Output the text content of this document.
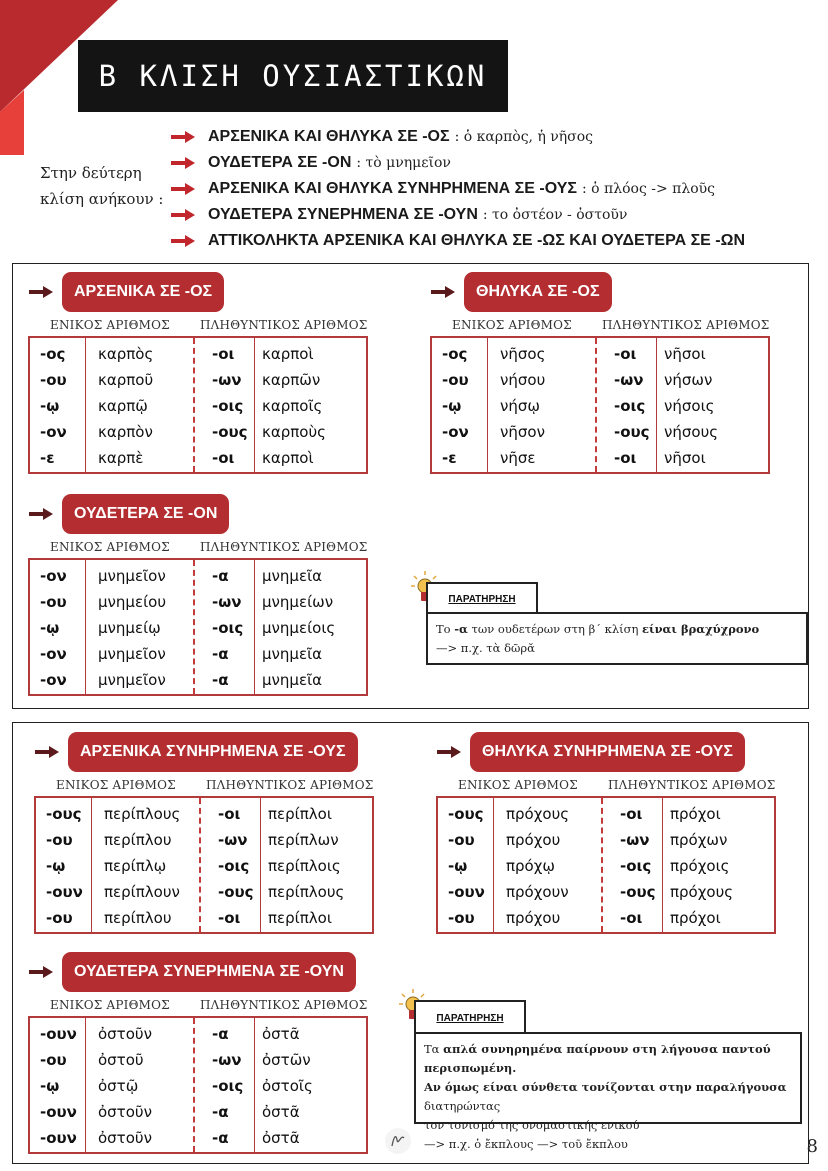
Β ΚΛΙΣΗ ΟΥΣΙΑΣΤΙΚΩΝ
Στην δεύτερη κλίση ανήκουν :
ΑΡΣΕΝΙΚΑ ΚΑΙ ΘΗΛΥΚΑ ΣΕ -ΟΣ : ὁ καρπὸς, ἡ νῆσος
ΟΥΔΕΤΕΡΑ ΣΕ -ΟΝ : τὸ μνημεῖον
ΑΡΣΕΝΙΚΑ ΚΑΙ ΘΗΛΥΚΑ ΣΥΝΗΡΗΜΕΝΑ ΣΕ -ΟΥΣ : ὁ πλόος -> πλοῦς
ΟΥΔΕΤΕΡΑ ΣΥΝΕΡΗΜΕΝΑ ΣΕ -ΟΥΝ : το ὀστέον - ὀστοῦν
ΑΤΤΙΚΟΛΗΚΤΑ ΑΡΣΕΝΙΚΑ ΚΑΙ ΘΗΛΥΚΑ ΣΕ -ΩΣ ΚΑΙ ΟΥΔΕΤΕΡΑ ΣΕ -ΩΝ
ΑΡΣΕΝΙΚΑ ΣΕ -ΟΣ
ΕΝΙΚΟΣ ΑΡΙΘΜΟΣ	ΠΛΗΘΥΝΤΙΚΟΣ ΑΡΙΘΜΟΣ
-ος καρπὸς	-οι καρποὶ
-ου καρποῦ	-ων καρπῶν
-ῳ	καρπῷ	-οις καρποῖς
-ον καρπὸν	-ους καρποὺς
-ε	καρπὲ	-οι καρποὶ
ΘΗΛΥΚΑ ΣΕ -ΟΣ
ΕΝΙΚΟΣ ΑΡΙΘΜΟΣ	ΠΛΗΘΥΝΤΙΚΟΣ ΑΡΙΘΜΟΣ
-ος νῆσος	-οι νῆσοι
-ου νήσου	-ων νήσων
-ῳ	νήσῳ	-οις νήσοις
-ον νῆσον	-ους νήσους
-ε	νῆσε	-οι νῆσοι
ΟΥΔΕΤΕΡΑ ΣΕ -ΟΝ
ΕΝΙΚΟΣ ΑΡΙΘΜΟΣ	ΠΛΗΘΥΝΤΙΚΟΣ ΑΡΙΘΜΟΣ
-ον μνημεῖον	-α μνημεῖα
-ου μνημείου	-ων μνημείων
-ῳ	μνημείῳ	-οις μνημείοις
-ον μνημεῖον	-α μνημεῖα
-ον μνημεῖον	-α μνημεῖα
ΑΡΣΕΝΙΚΑ ΣΥΝΗΡΗΜΕΝΑ ΣΕ -ΟΥΣ
ΕΝΙΚΟΣ ΑΡΙΘΜΟΣ	ΠΛΗΘΥΝΤΙΚΟΣ ΑΡΙΘΜΟΣ
-ους περίπλους	-οι περίπλοι
-ου περίπλου	-ων περίπλων
-ῳ	περίπλῳ	-οις περίπλοις
-ουν περίπλουν	-ους περίπλους
-ου περίπλου	-οι περίπλοι
ΘΗΛΥΚΑ ΣΥΝΗΡΗΜΕΝΑ ΣΕ -ΟΥΣ
ΕΝΙΚΟΣ ΑΡΙΘΜΟΣ	ΠΛΗΘΥΝΤΙΚΟΣ ΑΡΙΘΜΟΣ
-ους πρόχους	-οι πρόχοι
-ου πρόχου	-ων πρόχων
-ῳ	πρόχῳ	-οις πρόχοις
-ουν πρόχουν	-ους πρόχους
-ου πρόχου	-οι πρόχοι
ΟΥΔΕΤΕΡΑ ΣΥΝΕΡΗΜΕΝΑ ΣΕ -ΟΥΝ
ΕΝΙΚΟΣ ΑΡΙΘΜΟΣ	ΠΛΗΘΥΝΤΙΚΟΣ ΑΡΙΘΜΟΣ
-ουν ὀστοῦν	-α ὀστᾶ
-ου ὀστοῦ	-ων ὀστῶν
-ῳ	ὀστῷ	-οις ὀστοῖς
-ουν ὀστοῦν	-α ὀστᾶ
-ουν ὀστοῦν	-α ὀστᾶ
ΠΑΡΑΤΗΡΗΣΗ
Το -α των ουδετέρων στη β΄ κλίση είναι βραχύχρονο
—> π.χ. τὰ δῶρᾰ
ΠΑΡΑΤΗΡΗΣΗ
Τα απλά συνηρημένα παίρνουν στη λήγουσα παντού περισπωμένη.
Αν όμως είναι σύνθετα τονίζονται στην παραλήγουσα διατηρώντας
τον τονισμό της ονομαστικής ενικού
—> π.χ. ὁ ἔκπλους —> τοῦ ἔκπλου	8
